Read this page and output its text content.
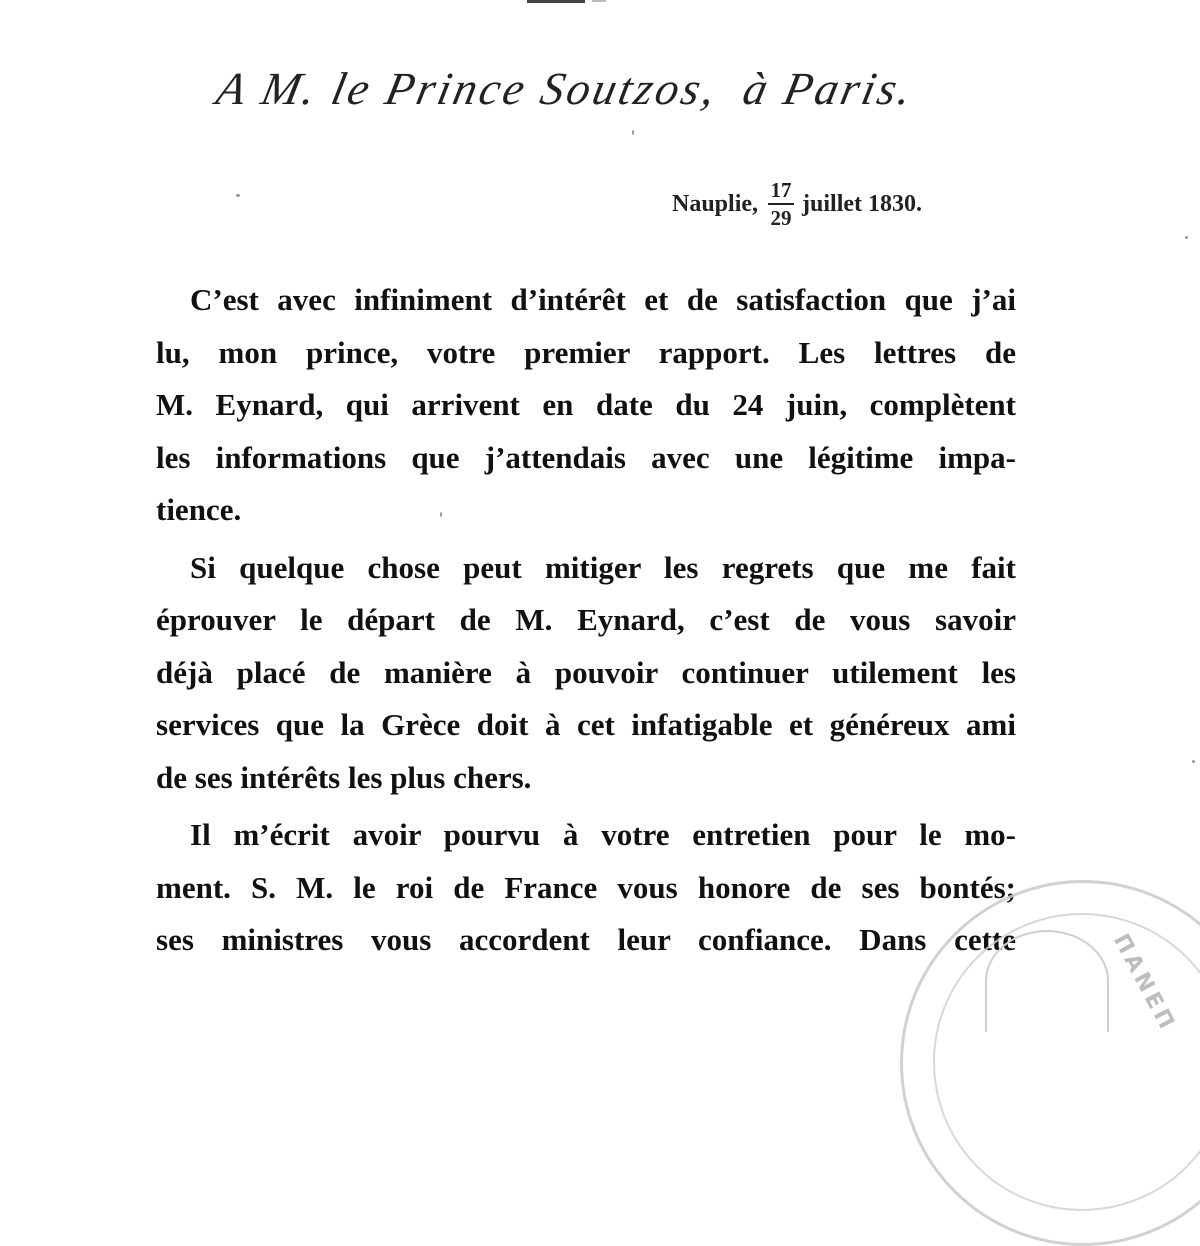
A M. le Prince Soutzos, à Paris.
Nauplie, $\frac{17}{29}$ juillet 1830.

C’est avec infiniment d’intérêt et de satisfaction que j’ai
lu, mon prince, votre premier rapport. Les lettres de
M. Eynard, qui arrivent en date du 24 juin, complètent
les informations que j’attendais avec une légitime impa-
tience.

Si quelque chose peut mitiger les regrets que me fait
éprouver le départ de M. Eynard, c’est de vous savoir
déjà placé de manière à pouvoir continuer utilement les
services que la Grèce doit à cet infatigable et généreux ami
de ses intérêts les plus chers.

Il m’écrit avoir pourvu à votre entretien pour le mo-
ment. S. M. le roi de France vous honore de ses bontés;
ses ministres vous accordent leur confiance. Dans cette	ΠΑΝΕΠ
